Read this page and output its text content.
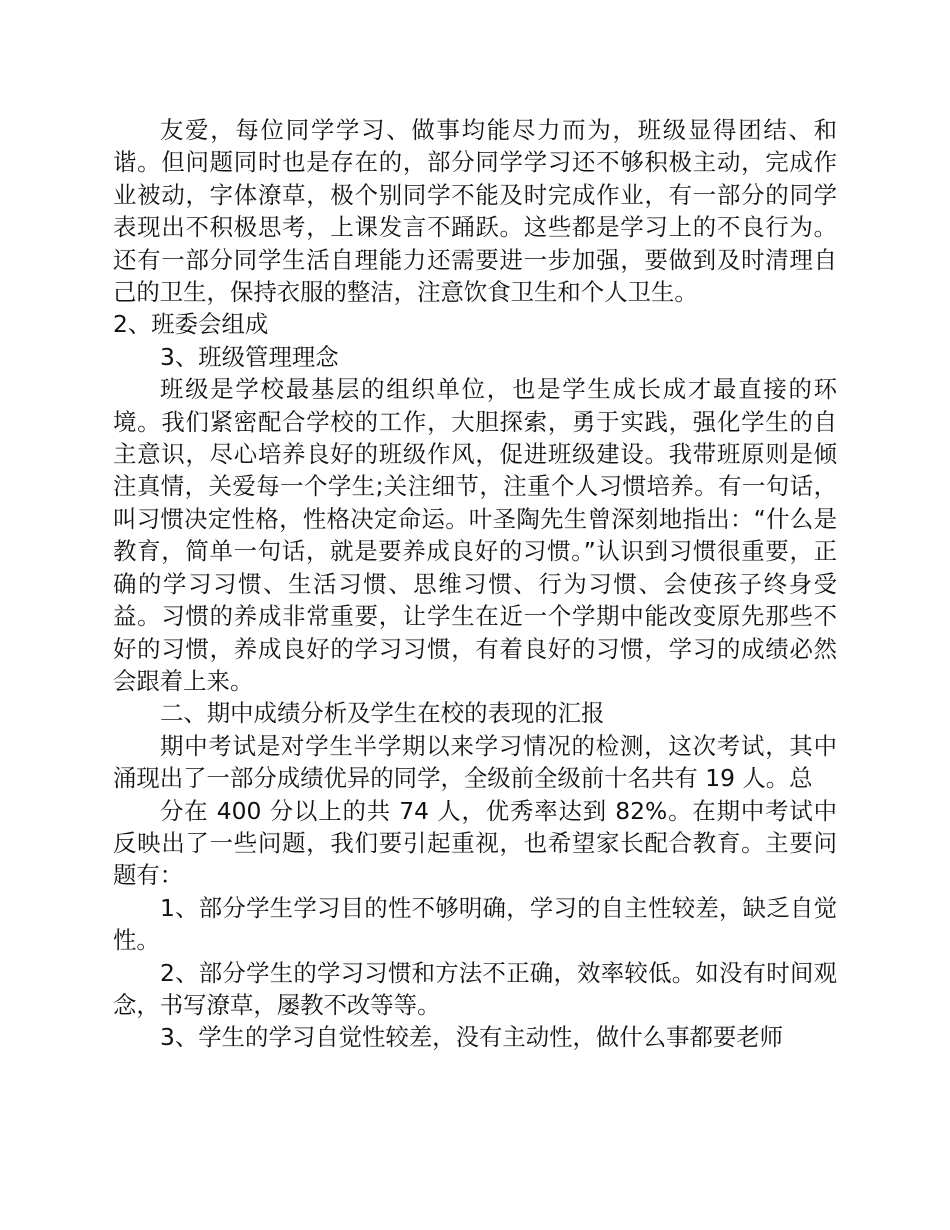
友爱，每位同学学习、做事均能尽力而为，班级显得团结、和谐。但问题同时也是存在的，部分同学学习还不够积极主动，完成作业被动，字体潦草，极个别同学不能及时完成作业，有一部分的同学表现出不积极思考，上课发言不踊跃。这些都是学习上的不良行为。还有一部分同学生活自理能力还需要进一步加强，要做到及时清理自己的卫生，保持衣服的整洁，注意饮食卫生和个人卫生。

2、班委会组成

3、班级管理理念

班级是学校最基层的组织单位，也是学生成长成才最直接的环境。我们紧密配合学校的工作，大胆探索，勇于实践，强化学生的自主意识，尽心培养良好的班级作风，促进班级建设。我带班原则是倾注真情，关爱每一个学生;关注细节，注重个人习惯培养。有一句话，叫习惯决定性格，性格决定命运。叶圣陶先生曾深刻地指出：“什么是教育，简单一句话，就是要养成良好的习惯。”认识到习惯很重要，正确的学习习惯、生活习惯、思维习惯、行为习惯、会使孩子终身受益。习惯的养成非常重要，让学生在近一个学期中能改变原先那些不好的习惯，养成良好的学习习惯，有着良好的习惯，学习的成绩必然会跟着上来。

二、期中成绩分析及学生在校的表现的汇报

期中考试是对学生半学期以来学习情况的检测，这次考试，其中涌现出了一部分成绩优异的同学，全级前全级前十名共有 19 人。总

分在 400 分以上的共 74 人，优秀率达到 82%。在期中考试中反映出了一些问题，我们要引起重视，也希望家长配合教育。主要问题有：

1、部分学生学习目的性不够明确，学习的自主性较差，缺乏自觉性。

2、部分学生的学习习惯和方法不正确，效率较低。如没有时间观念，书写潦草，屡教不改等等。

3、学生的学习自觉性较差，没有主动性，做什么事都要老师
